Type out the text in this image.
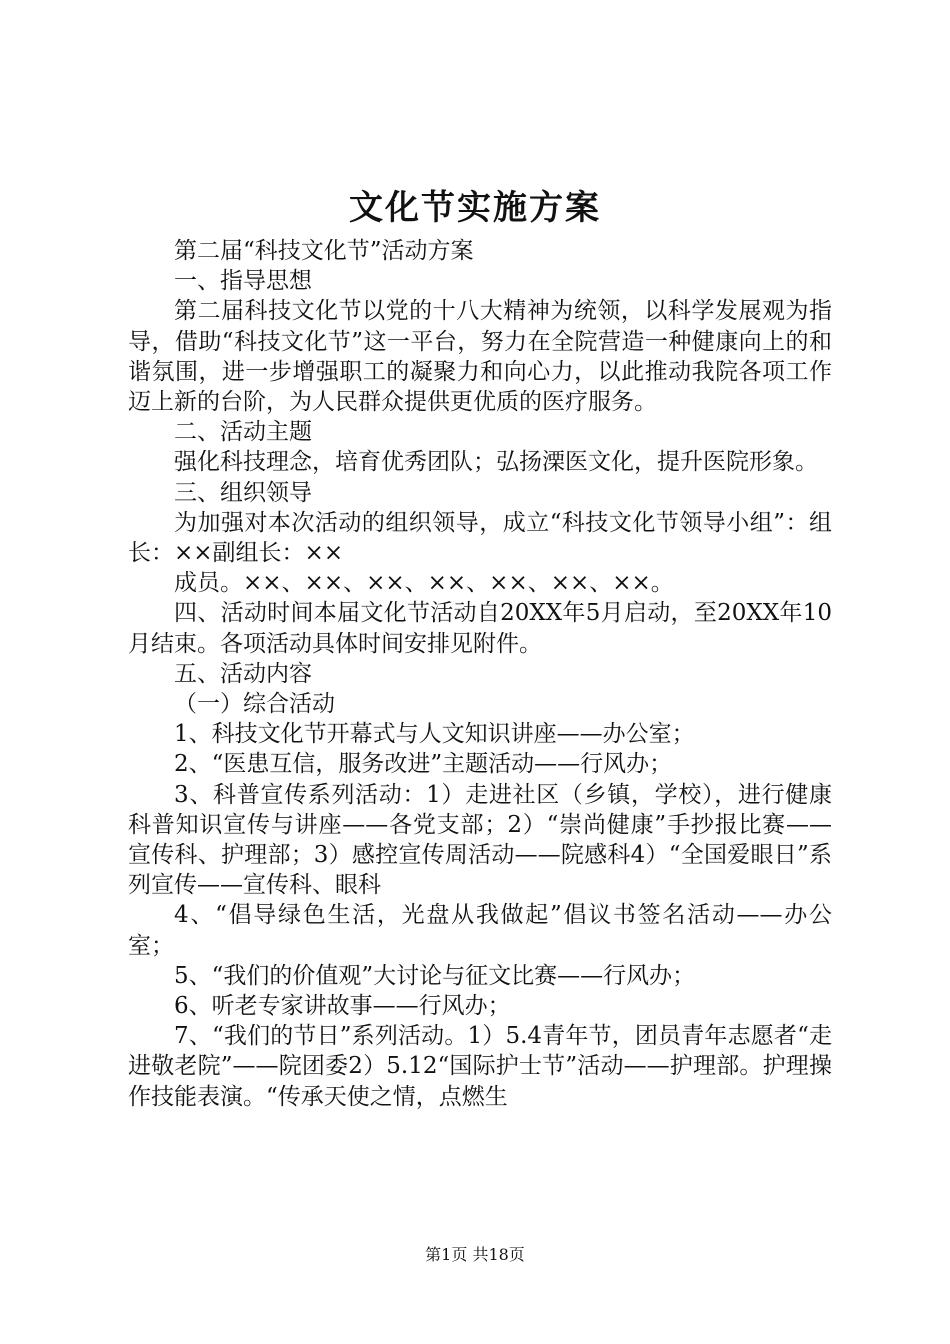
文化节实施方案

第二届“科技文化节”活动方案

一、指导思想

第二届科技文化节以党的十八大精神为统领，以科学发展观为指导，借助“科技文化节”这一平台，努力在全院营造一种健康向上的和谐氛围，进一步增强职工的凝聚力和向心力，以此推动我院各项工作迈上新的台阶，为人民群众提供更优质的医疗服务。

二、活动主题

强化科技理念，培育优秀团队；弘扬溧医文化，提升医院形象。

三、组织领导

为加强对本次活动的组织领导，成立“科技文化节领导小组”：组长：××副组长：××

成员。××、××、××、××、××、××、××。

四、活动时间本届文化节活动自20XX年5月启动，至20XX年10月结束。各项活动具体时间安排见附件。

五、活动内容

（一）综合活动

1、科技文化节开幕式与人文知识讲座——办公室；

2、“医患互信，服务改进”主题活动——行风办；

3、科普宣传系列活动：1）走进社区（乡镇，学校），进行健康科普知识宣传与讲座——各党支部；2）“崇尚健康”手抄报比赛——宣传科、护理部；3）感控宣传周活动——院感科4）“全国爱眼日”系列宣传——宣传科、眼科

4、“倡导绿色生活，光盘从我做起”倡议书签名活动——办公室；

5、“我们的价值观”大讨论与征文比赛——行风办；

6、听老专家讲故事——行风办；

7、“我们的节日”系列活动。1）5.4青年节，团员青年志愿者“走进敬老院”——院团委2）5.12“国际护士节”活动——护理部。护理操作技能表演。“传承天使之情，点燃生

第1页 共18页
